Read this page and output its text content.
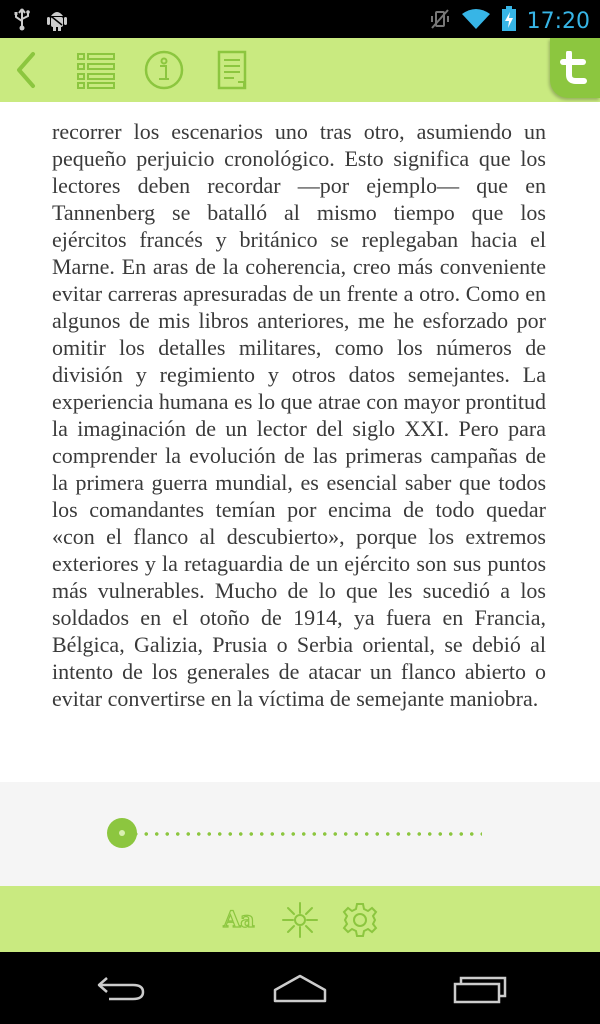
17:20

recorrer los escenarios uno tras otro, asumiendo un pequeño perjuicio cronológico. Esto significa que los lectores deben recordar —por ejemplo— que en Tannenberg se batalló al mismo tiempo que los ejércitos francés y británico se replegaban hacia el Marne. En aras de la coherencia, creo más conveniente evitar carreras apresuradas de un frente a otro. Como en algunos de mis libros anteriores, me he esforzado por omitir los detalles militares, como los números de división y regimiento y otros datos semejantes. La experiencia humana es lo que atrae con mayor prontitud la imaginación de un lector del siglo XXI. Pero para comprender la evolución de las primeras campañas de la primera guerra mundial, es esencial saber que todos los comandantes temían por encima de todo quedar «con el flanco al descubierto», porque los extremos exteriores y la retaguardia de un ejército son sus puntos más vulnerables. Mucho de lo que les sucedió a los soldados en el otoño de 1914, ya fuera en Francia, Bélgica, Galizia, Prusia o Serbia oriental, se debió al intento de los generales de atacar un flanco abierto o evitar convertirse en la víctima de semejante maniobra.

Aa
